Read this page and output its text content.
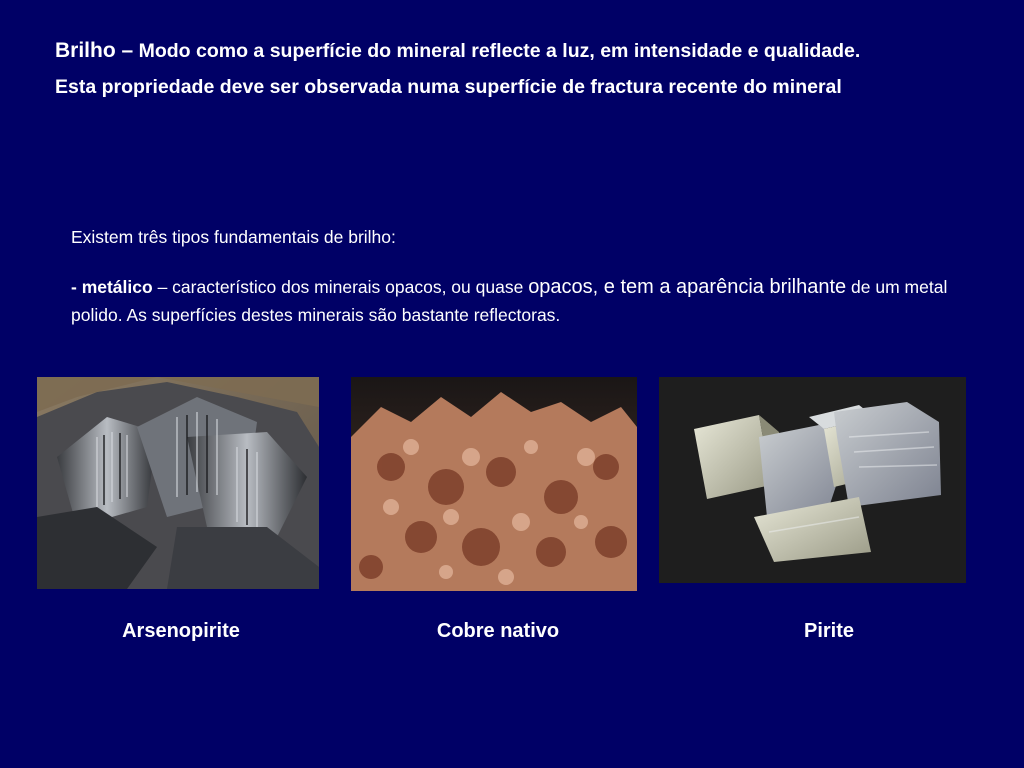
Brilho – Modo como a superfície do mineral reflecte a luz, em intensidade e qualidade.
Esta propriedade deve ser observada numa superfície de fractura recente do mineral
Existem três tipos fundamentais de brilho:
- metálico – característico dos minerais opacos, ou quase opacos, e tem a aparência brilhante de um metal polido. As superfícies destes minerais são bastante reflectoras.
Arsenopirite	Cobre nativo	Pirite
